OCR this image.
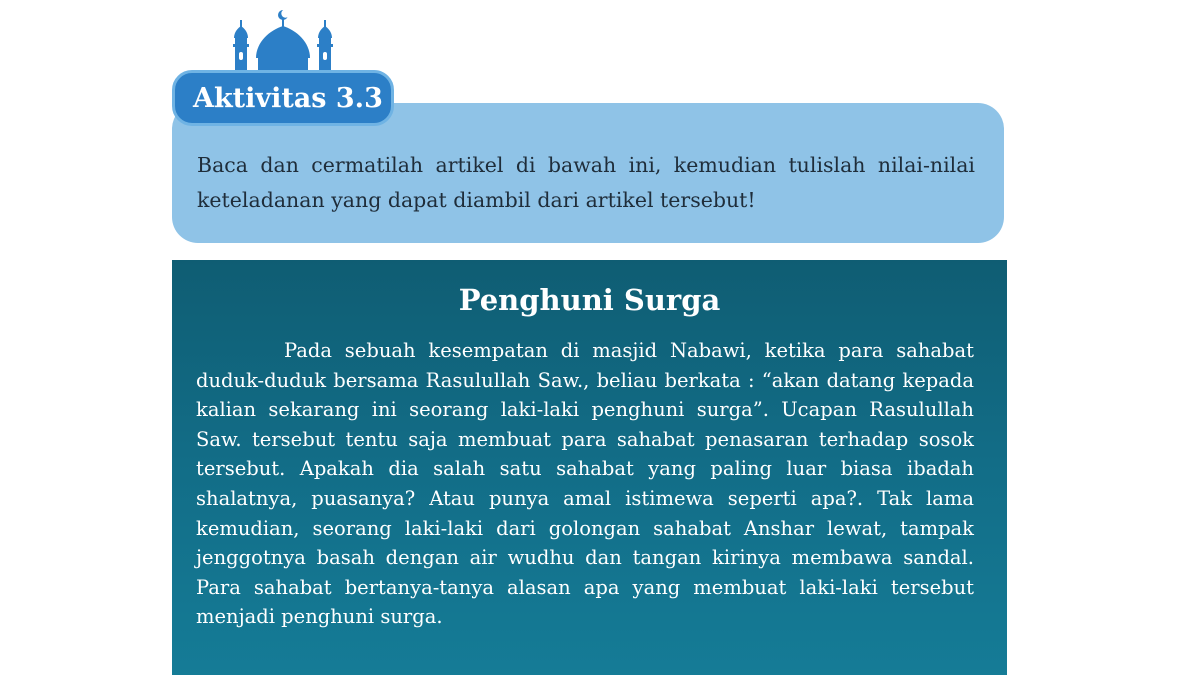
Aktivitas 3.3

Baca dan cermatilah artikel di bawah ini, kemudian tulislah nilai-nilai keteladanan yang dapat diambil dari artikel tersebut!

Penghuni Surga

Pada sebuah kesempatan di masjid Nabawi, ketika para sahabat duduk-duduk bersama Rasulullah Saw., beliau berkata : “akan datang kepada kalian sekarang ini seorang laki-laki penghuni surga”. Ucapan Rasulullah Saw. tersebut tentu saja membuat para sahabat penasaran terhadap sosok tersebut. Apakah dia salah satu sahabat yang paling luar biasa ibadah shalatnya, puasanya? Atau punya amal istimewa seperti apa?. Tak lama kemudian, seorang laki-laki dari golongan sahabat Anshar lewat, tampak jenggotnya basah dengan air wudhu dan tangan kirinya membawa sandal. Para sahabat bertanya-tanya alasan apa yang membuat laki-laki tersebut menjadi penghuni surga.
